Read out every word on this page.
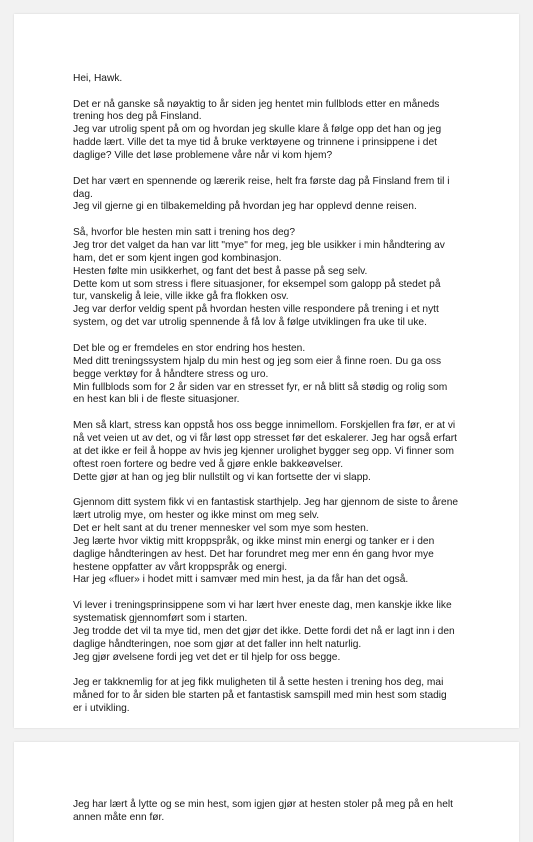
Hei, Hawk.
Det er nå ganske så nøyaktig to år siden jeg hentet min fullblods etter en måneds
trening hos deg på Finsland.
Jeg var utrolig spent på om og hvordan jeg skulle klare å følge opp det han og jeg
hadde lært. Ville det ta mye tid å bruke verktøyene og trinnene i prinsippene i det
daglige? Ville det løse problemene våre når vi kom hjem?
Det har vært en spennende og lærerik reise, helt fra første dag på Finsland frem til i
dag.
Jeg vil gjerne gi en tilbakemelding på hvordan jeg har opplevd denne reisen.
Så, hvorfor ble hesten min satt i trening hos deg?
Jeg tror det valget da han var litt "mye" for meg, jeg ble usikker i min håndtering av
ham, det er som kjent ingen god kombinasjon.
Hesten følte min usikkerhet, og fant det best å passe på seg selv.
Dette kom ut som stress i flere situasjoner, for eksempel som galopp på stedet på
tur, vanskelig å leie, ville ikke gå fra flokken osv.
Jeg var derfor veldig spent på hvordan hesten ville respondere på trening i et nytt
system, og det var utrolig spennende å få lov å følge utviklingen fra uke til uke.
Det ble og er fremdeles en stor endring hos hesten.
Med ditt treningssystem hjalp du min hest og jeg som eier å finne roen. Du ga oss
begge verktøy for å håndtere stress og uro.
Min fullblods som for 2 år siden var en stresset fyr, er nå blitt så stødig og rolig som
en hest kan bli i de fleste situasjoner.
Men så klart, stress kan oppstå hos oss begge innimellom. Forskjellen fra før, er at vi
nå vet veien ut av det, og vi får løst opp stresset før det eskalerer. Jeg har også erfart
at det ikke er feil å hoppe av hvis jeg kjenner urolighet bygger seg opp. Vi finner som
oftest roen fortere og bedre ved å gjøre enkle bakkeøvelser.
Dette gjør at han og jeg blir nullstilt og vi kan fortsette der vi slapp.
Gjennom ditt system fikk vi en fantastisk starthjelp. Jeg har gjennom de siste to årene
lært utrolig mye, om hester og ikke minst om meg selv.
Det er helt sant at du trener mennesker vel som mye som hesten.
Jeg lærte hvor viktig mitt kroppspråk, og ikke minst min energi og tanker er i den
daglige håndteringen av hest. Det har forundret meg mer enn én gang hvor mye
hestene oppfatter av vårt kroppspråk og energi.
Har jeg «fluer» i hodet mitt i samvær med min hest, ja da får han det også.
Vi lever i treningsprinsippene som vi har lært hver eneste dag, men kanskje ikke like
systematisk gjennomført som i starten.
Jeg trodde det vil ta mye tid, men det gjør det ikke. Dette fordi det nå er lagt inn i den
daglige håndteringen, noe som gjør at det faller inn helt naturlig.
Jeg gjør øvelsene fordi jeg vet det er til hjelp for oss begge.
Jeg er takknemlig for at jeg fikk muligheten til å sette hesten i trening hos deg, mai
måned for to år siden ble starten på et fantastisk samspill med min hest som stadig
er i utvikling.
Jeg har lært å lytte og se min hest, som igjen gjør at hesten stoler på meg på en helt
annen måte enn før.
